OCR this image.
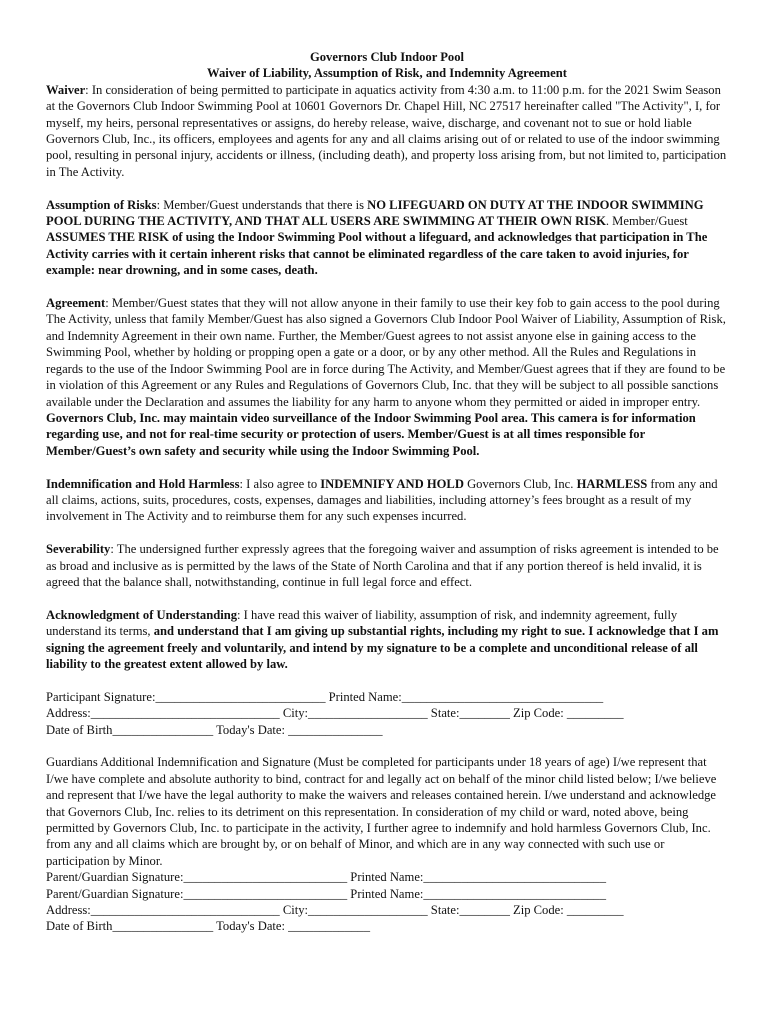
Governors Club Indoor Pool

Waiver of Liability, Assumption of Risk, and Indemnity Agreement

Waiver: In consideration of being permitted to participate in aquatics activity from 4:30 a.m. to 11:00 p.m. for the 2021 Swim Season at the Governors Club Indoor Swimming Pool at 10601 Governors Dr. Chapel Hill, NC 27517 hereinafter called "The Activity", I, for myself, my heirs, personal representatives or assigns, do hereby release, waive, discharge, and covenant not to sue or hold liable Governors Club, Inc., its officers, employees and agents for any and all claims arising out of or related to use of the indoor swimming pool, resulting in personal injury, accidents or illness, (including death), and property loss arising from, but not limited to, participation in The Activity.

Assumption of Risks: Member/Guest understands that there is NO LIFEGUARD ON DUTY AT THE INDOOR SWIMMING POOL DURING THE ACTIVITY, AND THAT ALL USERS ARE SWIMMING AT THEIR OWN RISK. Member/Guest ASSUMES THE RISK of using the Indoor Swimming Pool without a lifeguard, and acknowledges that participation in The Activity carries with it certain inherent risks that cannot be eliminated regardless of the care taken to avoid injuries, for example: near drowning, and in some cases, death.

Agreement: Member/Guest states that they will not allow anyone in their family to use their key fob to gain access to the pool during The Activity, unless that family Member/Guest has also signed a Governors Club Indoor Pool Waiver of Liability, Assumption of Risk, and Indemnity Agreement in their own name. Further, the Member/Guest agrees to not assist anyone else in gaining access to the Swimming Pool, whether by holding or propping open a gate or a door, or by any other method. All the Rules and Regulations in regards to the use of the Indoor Swimming Pool are in force during The Activity, and Member/Guest agrees that if they are found to be in violation of this Agreement or any Rules and Regulations of Governors Club, Inc. that they will be subject to all possible sanctions available under the Declaration and assumes the liability for any harm to anyone whom they permitted or aided in improper entry. Governors Club, Inc. may maintain video surveillance of the Indoor Swimming Pool area. This camera is for information regarding use, and not for real-time security or protection of users. Member/Guest is at all times responsible for Member/Guest’s own safety and security while using the Indoor Swimming Pool.

Indemnification and Hold Harmless: I also agree to INDEMNIFY AND HOLD Governors Club, Inc. HARMLESS from any and all claims, actions, suits, procedures, costs, expenses, damages and liabilities, including attorney’s fees brought as a result of my involvement in The Activity and to reimburse them for any such expenses incurred.

Severability: The undersigned further expressly agrees that the foregoing waiver and assumption of risks agreement is intended to be as broad and inclusive as is permitted by the laws of the State of North Carolina and that if any portion thereof is held invalid, it is agreed that the balance shall, notwithstanding, continue in full legal force and effect.

Acknowledgment of Understanding: I have read this waiver of liability, assumption of risk, and indemnity agreement, fully understand its terms, and understand that I am giving up substantial rights, including my right to sue. I acknowledge that I am signing the agreement freely and voluntarily, and intend by my signature to be a complete and unconditional release of all liability to the greatest extent allowed by law.

Participant Signature:___________________________ Printed Name:________________________________

Address:______________________________ City:___________________ State:________ Zip Code: _________

Date of Birth________________ Today's Date: _______________

Guardians Additional Indemnification and Signature (Must be completed for participants under 18 years of age) I/we represent that I/we have complete and absolute authority to bind, contract for and legally act on behalf of the minor child listed below; I/we believe and represent that I/we have the legal authority to make the waivers and releases contained herein. I/we understand and acknowledge that Governors Club, Inc. relies to its detriment on this representation. In consideration of my child or ward, noted above, being permitted by Governors Club, Inc. to participate in the activity, I further agree to indemnify and hold harmless Governors Club, Inc. from any and all claims which are brought by, or on behalf of Minor, and which are in any way connected with such use or participation by Minor.

Parent/Guardian Signature:__________________________ Printed Name:_____________________________

Parent/Guardian Signature:__________________________ Printed Name:_____________________________

Address:______________________________ City:___________________ State:________ Zip Code: _________

Date of Birth________________ Today's Date: _____________
